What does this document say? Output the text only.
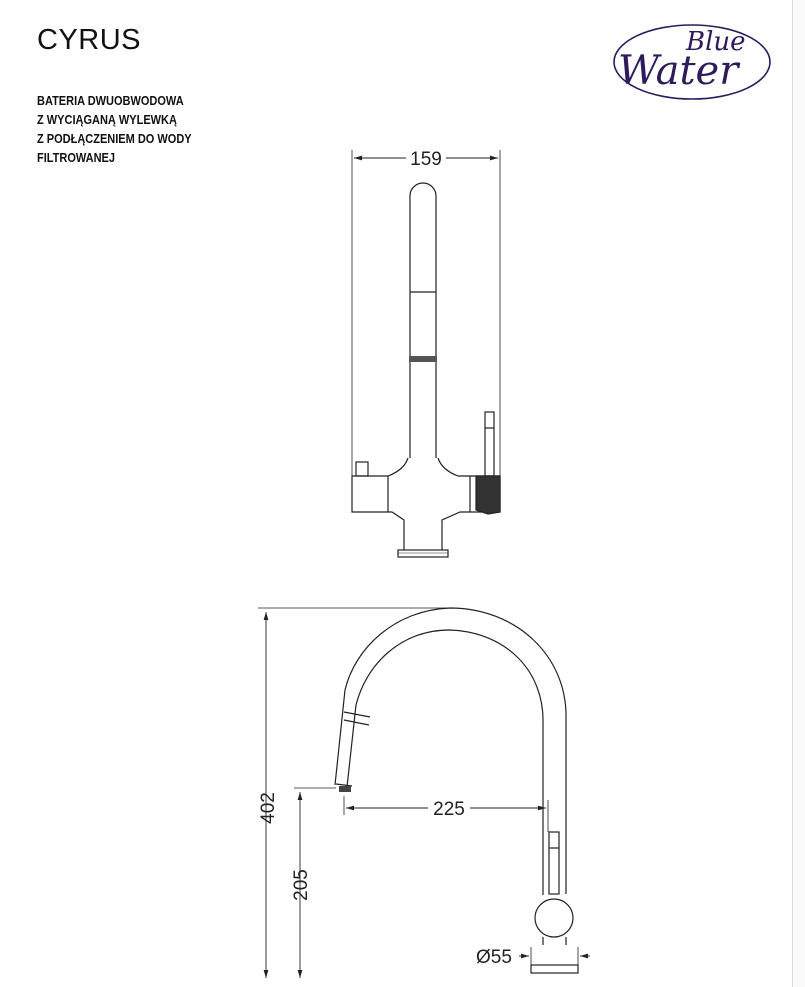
CYRUS
BATERIA DWUOBWODOWA
Z WYCIĄGANĄ WYLEWKĄ
Z PODŁĄCZENIEM DO WODY
FILTROWANEJ
Blue
Water
159
402
205
225
Ø55
